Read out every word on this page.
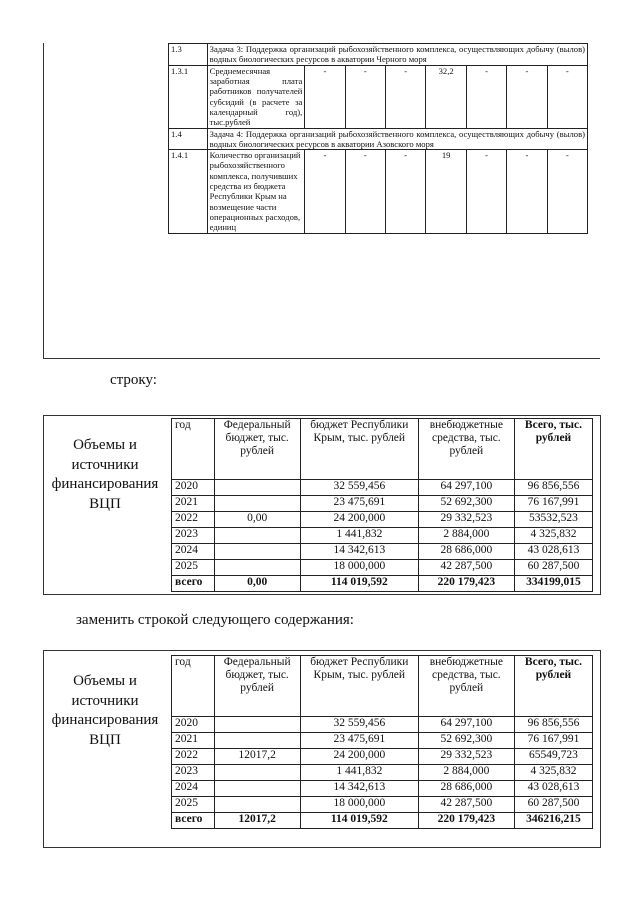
1.3	Задача 3: Поддержка организаций рыбохозяйственного комплекса, осуществляющих добычу (вылов) водных биологических ресурсов в акватории Черного моря							
1.3.1	Среднемесячная заработная плата работников получателей субсидий (в расчете за календарный год), тыс.рублей	-	-	-	32,2	-	-	-
1.4	Задача 4: Поддержка организаций рыбохозяйственного комплекса, осуществляющих добычу (вылов) водных биологических ресурсов в акватории Азовского моря							
1.4.1	Количество организаций рыбохозяйственного комплекса, получивших средства из бюджета Республики Крым на возмещение части операционных расходов, единиц	-	-	-	19	-	-	-
строку:
Объемы и источники финансирования ВЦП
год	Федеральный бюджет, тыс. рублей	бюджет Республики Крым, тыс. рублей	внебюджетные средства, тыс. рублей	Всего, тыс. рублей
2020		32 559,456	64 297,100	96 856,556
2021		23 475,691	52 692,300	76 167,991
2022	0,00	24 200,000	29 332,523	53532,523
2023		1 441,832	2 884,000	4 325,832
2024		14 342,613	28 686,000	43 028,613
2025		18 000,000	42 287,500	60 287,500
всего	0,00	114 019,592	220 179,423	334199,015
заменить строкой следующего содержания:
Объемы и источники финансирования ВЦП
год	Федеральный бюджет, тыс. рублей	бюджет Республики Крым, тыс. рублей	внебюджетные средства, тыс. рублей	Всего, тыс. рублей
2020		32 559,456	64 297,100	96 856,556
2021		23 475,691	52 692,300	76 167,991
2022	12017,2	24 200,000	29 332,523	65549,723
2023		1 441,832	2 884,000	4 325,832
2024		14 342,613	28 686,000	43 028,613
2025		18 000,000	42 287,500	60 287,500
всего	12017,2	114 019,592	220 179,423	346216,215
